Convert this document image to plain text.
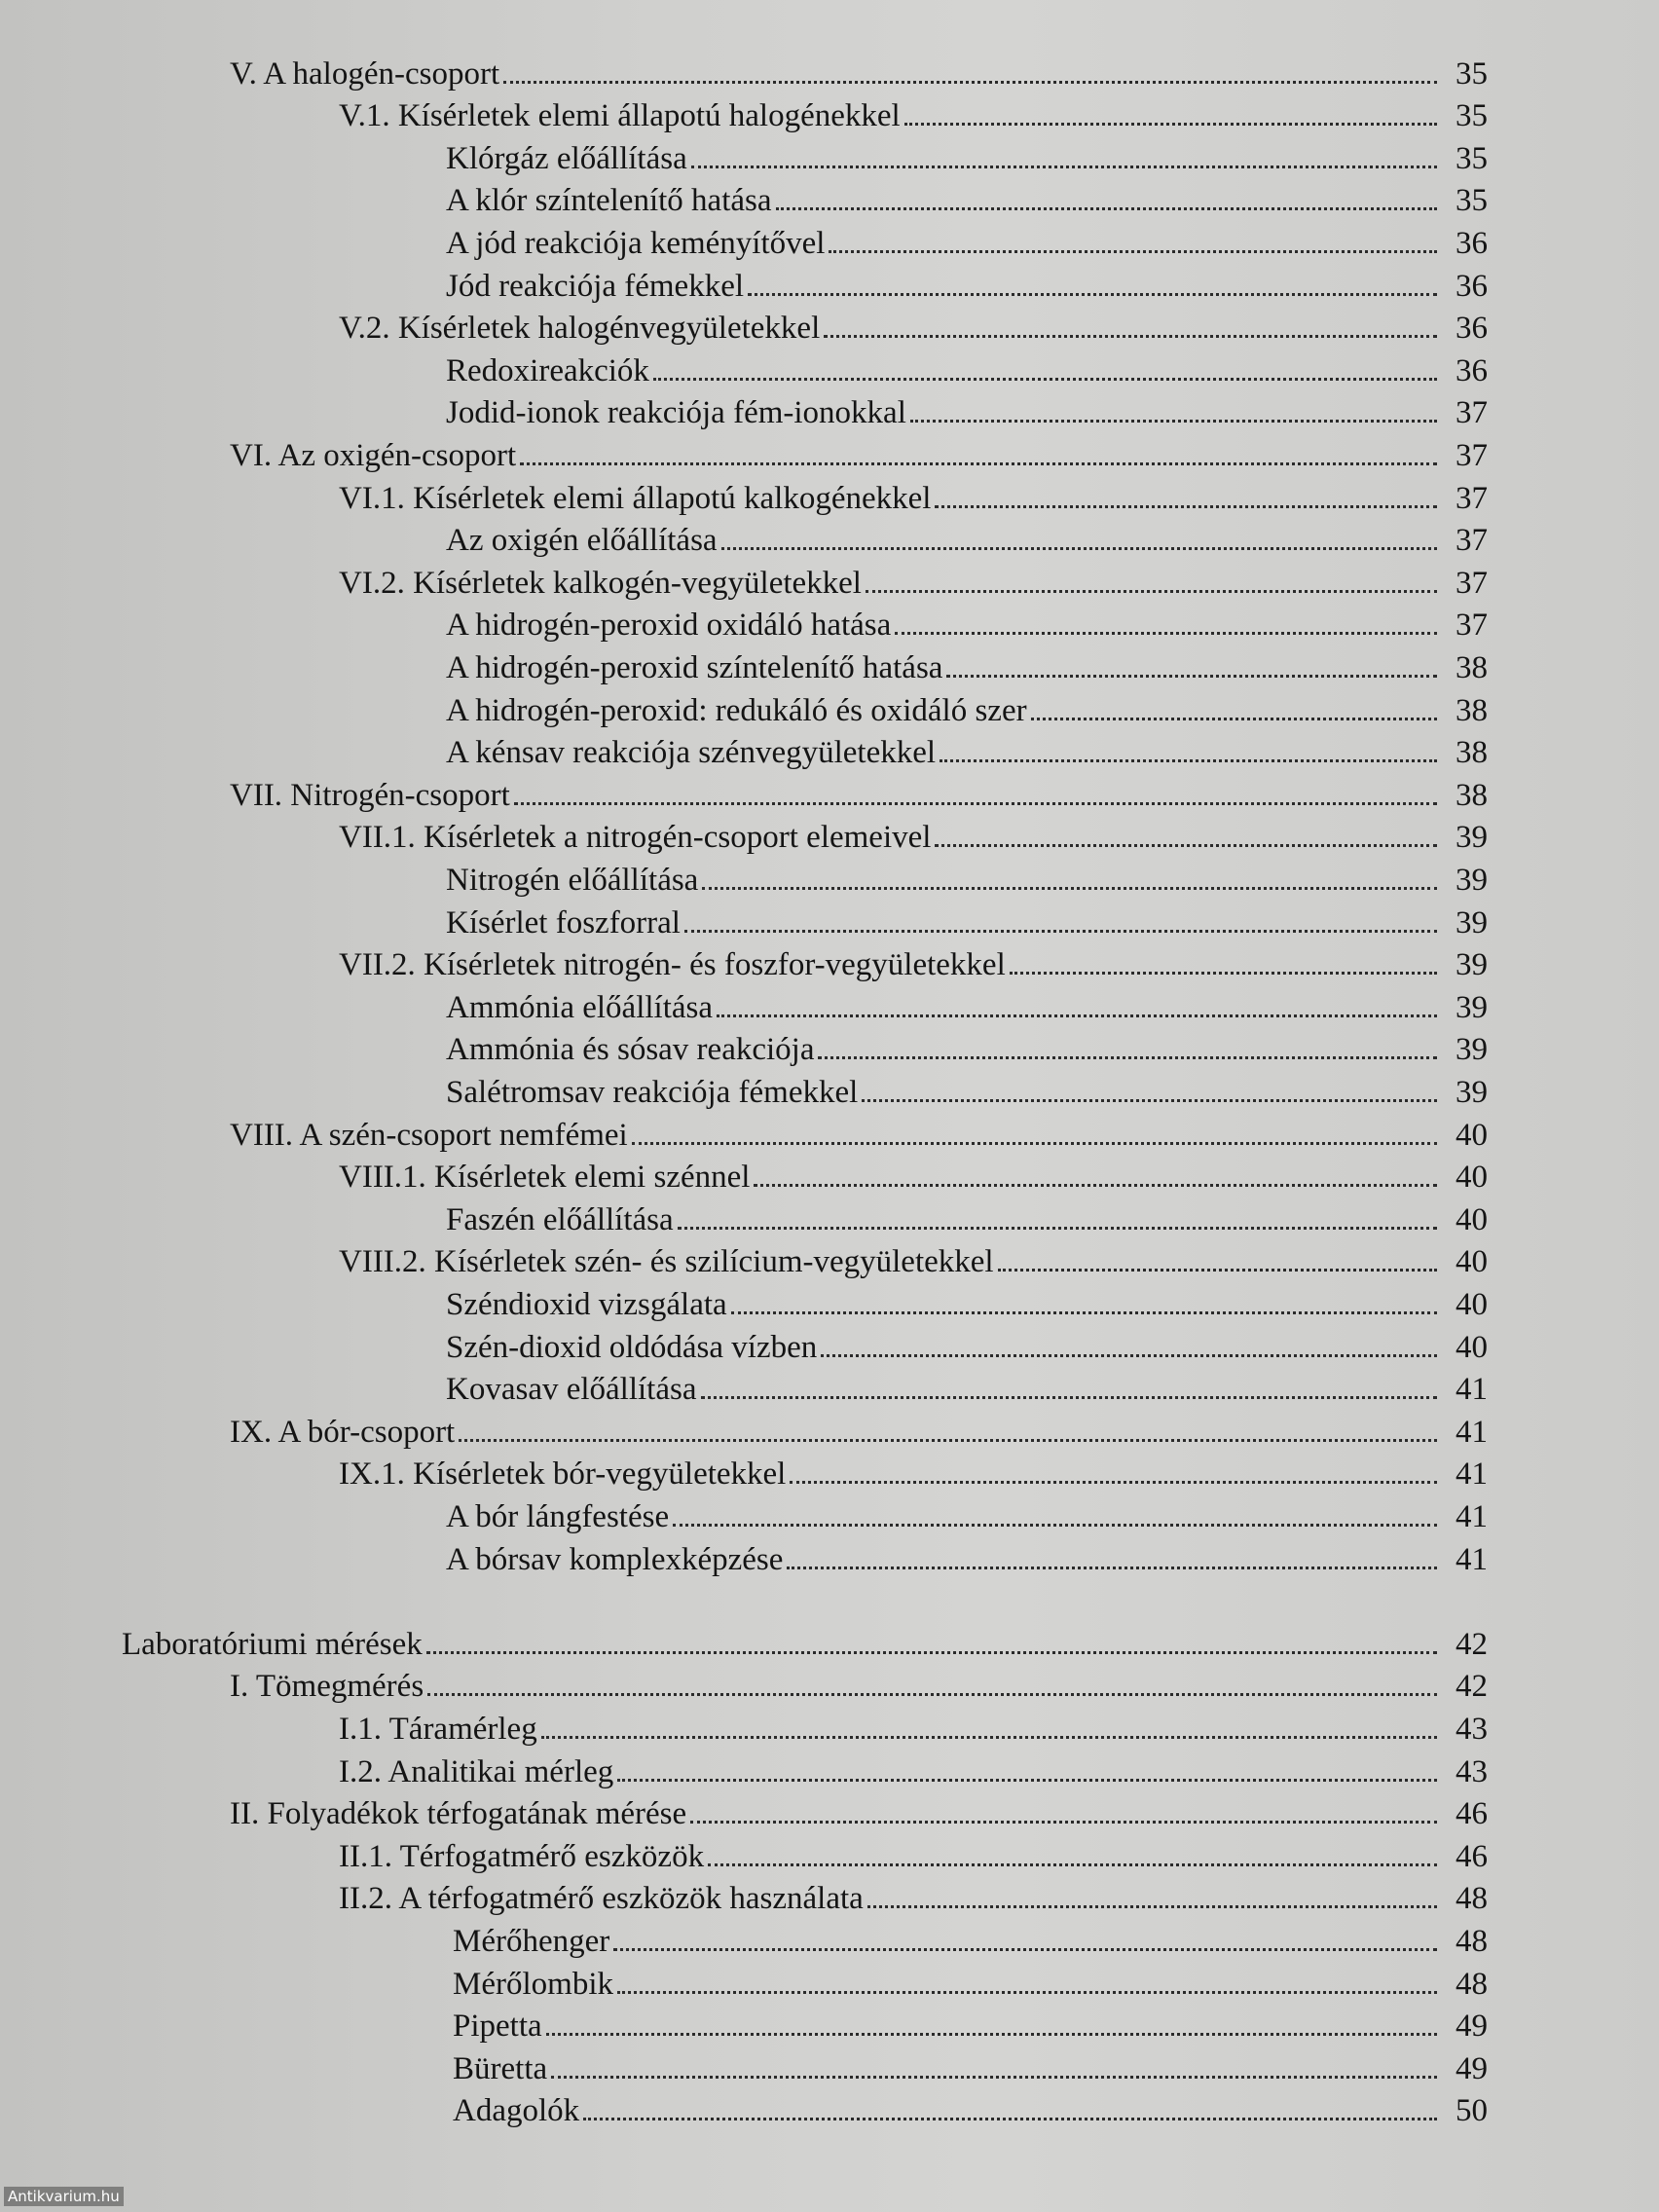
V. A halogén-csoport	35
V.1. Kísérletek elemi állapotú halogénekkel	35
Klórgáz előállítása	35
A klór színtelenítő hatása	35
A jód reakciója keményítővel	36
Jód reakciója fémekkel	36
V.2. Kísérletek halogénvegyületekkel	36
Redoxireakciók	36
Jodid-ionok reakciója fém-ionokkal	37
VI. Az oxigén-csoport	37
VI.1. Kísérletek elemi állapotú kalkogénekkel	37
Az oxigén előállítása	37
VI.2. Kísérletek kalkogén-vegyületekkel	37
A hidrogén-peroxid oxidáló hatása	37
A hidrogén-peroxid színtelenítő hatása	38
A hidrogén-peroxid: redukáló és oxidáló szer	38
A kénsav reakciója szénvegyületekkel	38
VII. Nitrogén-csoport	38
VII.1. Kísérletek a nitrogén-csoport elemeivel	39
Nitrogén előállítása	39
Kísérlet foszforral	39
VII.2. Kísérletek nitrogén- és foszfor-vegyületekkel	39
Ammónia előállítása	39
Ammónia és sósav reakciója	39
Salétromsav reakciója fémekkel	39
VIII. A szén-csoport nemfémei	40
VIII.1. Kísérletek elemi szénnel	40
Faszén előállítása	40
VIII.2. Kísérletek szén- és szilícium-vegyületekkel	40
Széndioxid vizsgálata	40
Szén-dioxid oldódása vízben	40
Kovasav előállítása	41
IX. A bór-csoport	41
IX.1. Kísérletek bór-vegyületekkel	41
A bór lángfestése	41
A bórsav komplexképzése	41
Laboratóriumi mérések	42
I. Tömegmérés	42
I.1. Táramérleg	43
I.2. Analitikai mérleg	43
II. Folyadékok térfogatának mérése	46
II.1. Térfogatmérő eszközök	46
II.2. A térfogatmérő eszközök használata	48
Mérőhenger	48
Mérőlombik	48
Pipetta	49
Büretta	49
Adagolók	50
Antikvarium.hu
